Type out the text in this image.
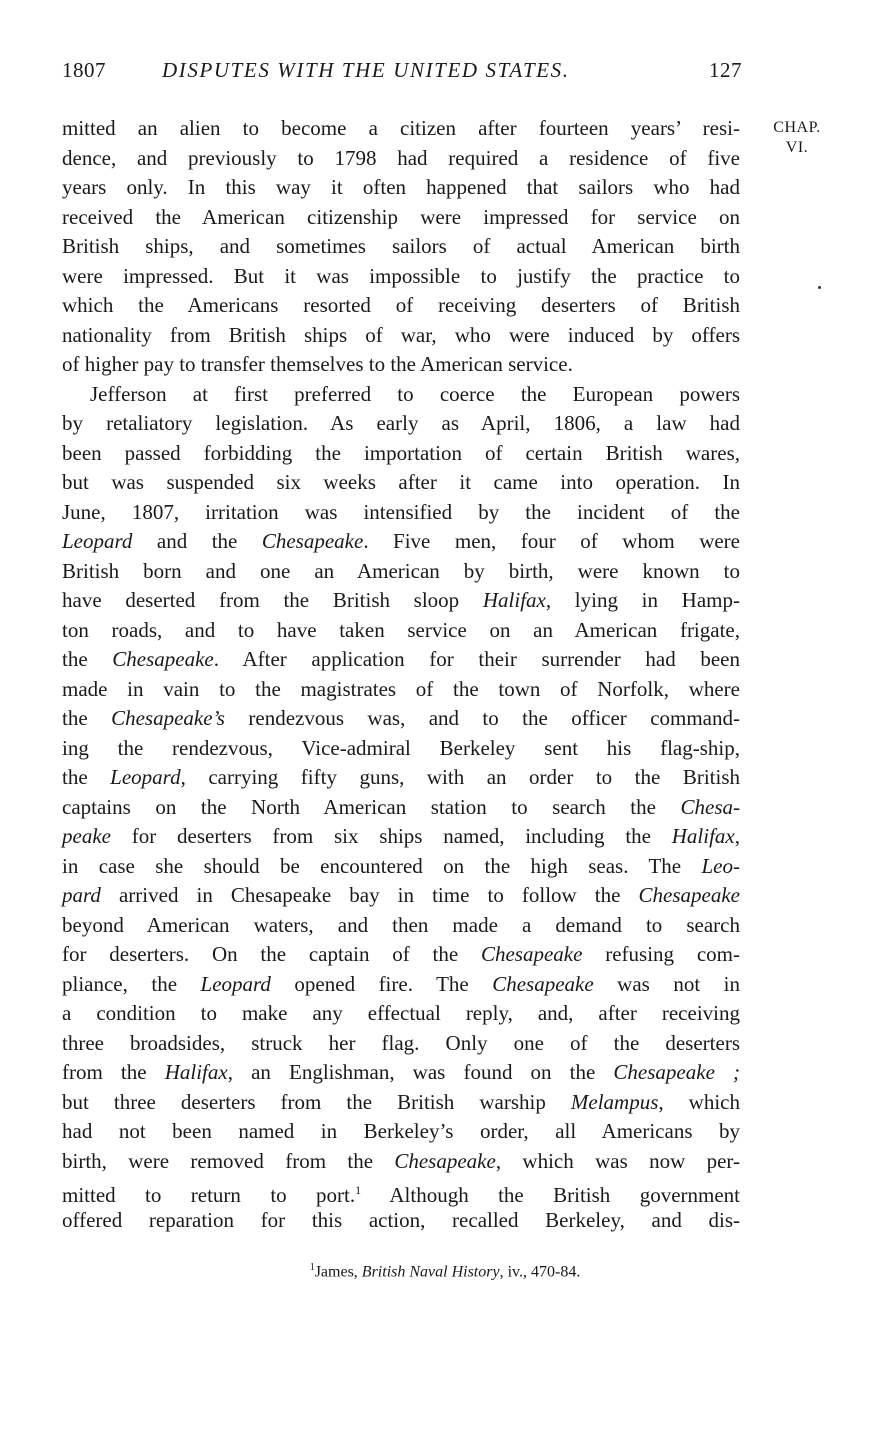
1807	DISPUTES WITH THE UNITED STATES.	127
CHAP.
VI.
mitted an alien to become a citizen after fourteen years’ resi-
dence, and previously to 1798 had required a residence of five
years only. In this way it often happened that sailors who had
received the American citizenship were impressed for service on
British ships, and sometimes sailors of actual American birth
were impressed. But it was impossible to justify the practice to
which the Americans resorted of receiving deserters of British
nationality from British ships of war, who were induced by offers
of higher pay to transfer themselves to the American service.
Jefferson at first preferred to coerce the European powers
by retaliatory legislation. As early as April, 1806, a law had
been passed forbidding the importation of certain British wares,
but was suspended six weeks after it came into operation. In
June, 1807, irritation was intensified by the incident of the
Leopard and the Chesapeake. Five men, four of whom were
British born and one an American by birth, were known to
have deserted from the British sloop Halifax, lying in Hamp-
ton roads, and to have taken service on an American frigate,
the Chesapeake. After application for their surrender had been
made in vain to the magistrates of the town of Norfolk, where
the Chesapeake’s rendezvous was, and to the officer command-
ing the rendezvous, Vice-admiral Berkeley sent his flag-ship,
the Leopard, carrying fifty guns, with an order to the British
captains on the North American station to search the Chesa-
peake for deserters from six ships named, including the Halifax,
in case she should be encountered on the high seas. The Leo-
pard arrived in Chesapeake bay in time to follow the Chesapeake
beyond American waters, and then made a demand to search
for deserters. On the captain of the Chesapeake refusing com-
pliance, the Leopard opened fire. The Chesapeake was not in
a condition to make any effectual reply, and, after receiving
three broadsides, struck her flag. Only one of the deserters
from the Halifax, an Englishman, was found on the Chesapeake ;
but three deserters from the British warship Melampus, which
had not been named in Berkeley’s order, all Americans by
birth, were removed from the Chesapeake, which was now per-
mitted to return to port.$^1$ Although the British government
offered reparation for this action, recalled Berkeley, and dis-
$^1$James, British Naval History, iv., 470-84.
